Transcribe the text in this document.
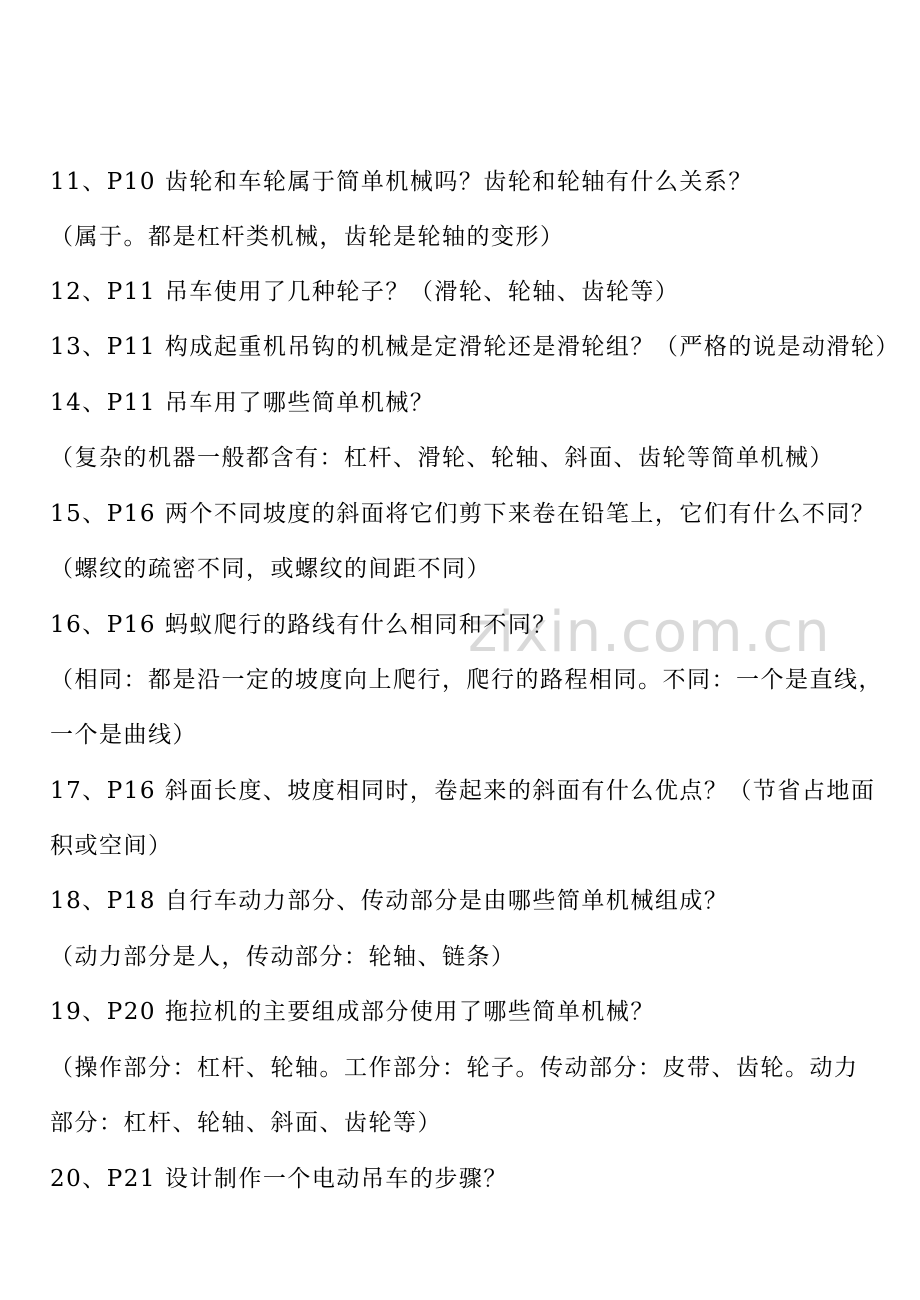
zixin.com.cn
11、P10 齿轮和车轮属于简单机械吗？齿轮和轮轴有什么关系？
（属于。都是杠杆类机械，齿轮是轮轴的变形）
12、P11 吊车使用了几种轮子？（滑轮、轮轴、齿轮等）
13、P11 构成起重机吊钩的机械是定滑轮还是滑轮组？（严格的说是动滑轮）
14、P11 吊车用了哪些简单机械？
（复杂的机器一般都含有：杠杆、滑轮、轮轴、斜面、齿轮等简单机械）
15、P16 两个不同坡度的斜面将它们剪下来卷在铅笔上，它们有什么不同？
（螺纹的疏密不同，或螺纹的间距不同）
16、P16 蚂蚁爬行的路线有什么相同和不同？
（相同：都是沿一定的坡度向上爬行，爬行的路程相同。不同：一个是直线，
一个是曲线）
17、P16 斜面长度、坡度相同时，卷起来的斜面有什么优点？（节省占地面
积或空间）
18、P18 自行车动力部分、传动部分是由哪些简单机械组成？
（动力部分是人，传动部分：轮轴、链条）
19、P20 拖拉机的主要组成部分使用了哪些简单机械？
（操作部分：杠杆、轮轴。工作部分：轮子。传动部分：皮带、齿轮。动力
部分：杠杆、轮轴、斜面、齿轮等）
20、P21 设计制作一个电动吊车的步骤？
